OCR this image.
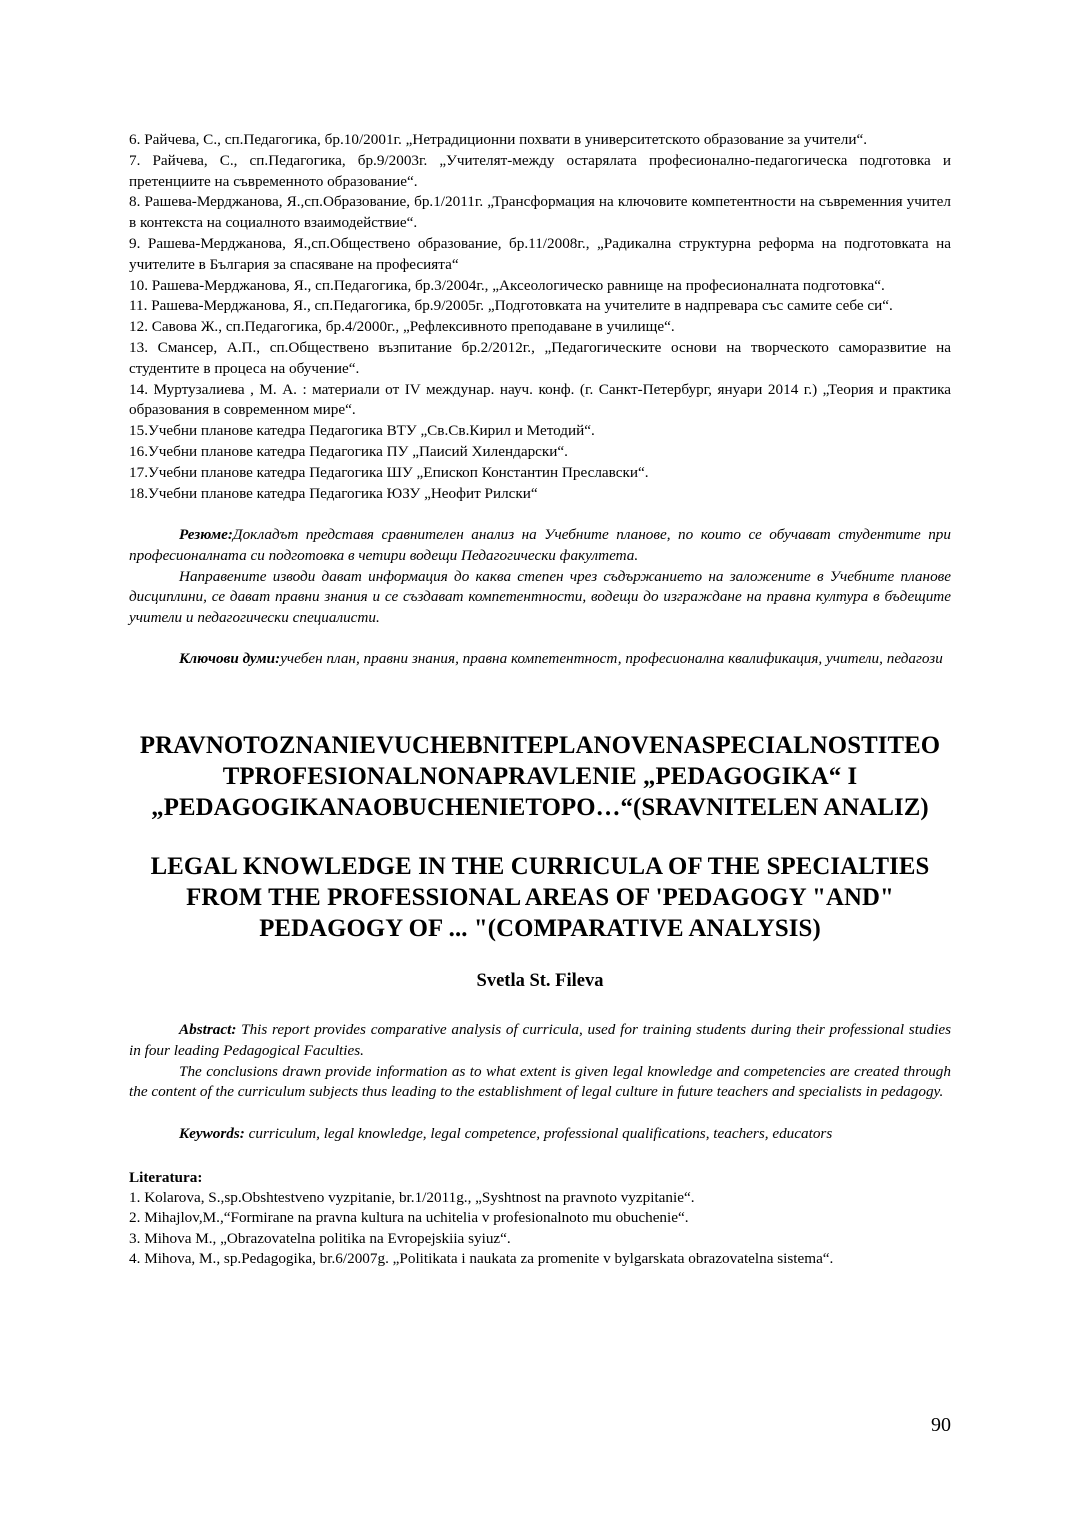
6. Райчева, С., сп.Педагогика, бр.10/2001г. „Нетрадиционни похвати в университетското образование за учители“.

7. Райчева, С., сп.Педагогика, бр.9/2003г. „Учителят-между остарялата професионално-педагогическа подготовка и претенциите на съвременното образование“.

8. Рашева-Мерджанова, Я.,сп.Образование, бр.1/2011г. „Трансформация на ключовите компетентности на съвременния учител в контекста на социалното взаимодействие“.

9. Рашева-Мерджанова, Я.,сп.Обществено образование, бр.11/2008г., „Радикална структурна реформа на подготовката на учителите в България за спасяване на професията“

10. Рашева-Мерджанова, Я., сп.Педагогика, бр.3/2004г., „Аксеологическо равнище на професионалната подготовка“.

11. Рашева-Мерджанова, Я., сп.Педагогика, бр.9/2005г. „Подготовката на учителите в надпревара със самите себе си“.

12. Савова Ж., сп.Педагогика, бр.4/2000г., „Рефлексивното преподаване в училище“.

13. Смансер, А.П., сп.Обществено възпитание бр.2/2012г., „Педагогическите основи на творческото саморазвитие на студентите в процеса на обучение“.

14. Муртузалиева , М. А. : материали от IV междунар. науч. конф. (г. Санкт-Петербург, януари 2014 г.) „Теория и практика образования в современном мире“.

15.Учебни планове катедра Педагогика ВТУ „Св.Св.Кирил и Методий“.

16.Учебни планове катедра Педагогика ПУ „Паисий Хилендарски“.

17.Учебни планове катедра Педагогика ШУ „Епископ Константин Преславски“.

18.Учебни планове катедра Педагогика ЮЗУ „Неофит Рилски“

Резюме:Докладът представя сравнителен анализ на Учебните планове, по които се обучават студентите при професионалната си подготовка в четири водещи Педагогически факултета.

Направените изводи дават информация до каква степен чрез съдържанието на заложените в Учебните планове дисциплини, се дават правни знания и се създават компетентности, водещи до изграждане на правна култура в бъдещите учители и педагогически специалисти.

Ключови думи:учебен план, правни знания, правна компетентност, професионална квалификация, учители, педагози

PRAVNOTOZNANIEVUCHEBNITEPLANOVENASPECIALNOSTITEO
TPROFESIONALNONAPRAVLENIE „PEDAGOGIKA“ I
„PEDAGOGIKANAOBUCHENIETOPO…“(SRAVNITELEN ANALIZ)
LEGAL KNOWLEDGE IN THE CURRICULA OF THE SPECIALTIES
FROM THE PROFESSIONAL AREAS OF 'PEDAGOGY "AND"
PEDAGOGY OF ... "(COMPARATIVE ANALYSIS)
Svetla St. Fileva

Abstract: This report provides comparative analysis of curricula, used for training students during their professional studies in four leading Pedagogical Faculties.

The conclusions drawn provide information as to what extent is given legal knowledge and competencies are created through the content of the curriculum subjects thus leading to the establishment of legal culture in future teachers and specialists in pedagogy.

Keywords: curriculum, legal knowledge, legal competence, professional qualifications, teachers, educators

Literatura:

1. Kolarova, S.,sp.Obshtestveno vyzpitanie, br.1/2011g., „Syshtnost na pravnoto vyzpitanie“.

2. Mihajlov,M.,“Formirane na pravna kultura na uchitelia v profesionalnoto mu obuchenie“.

3. Mihova M., „Obrazovatelna politika na Evropejskiia syiuz“.

4. Mihova, M., sp.Pedagogika, br.6/2007g. „Politikata i naukata za promenite v bylgarskata obrazovatelna sistema“.

90
